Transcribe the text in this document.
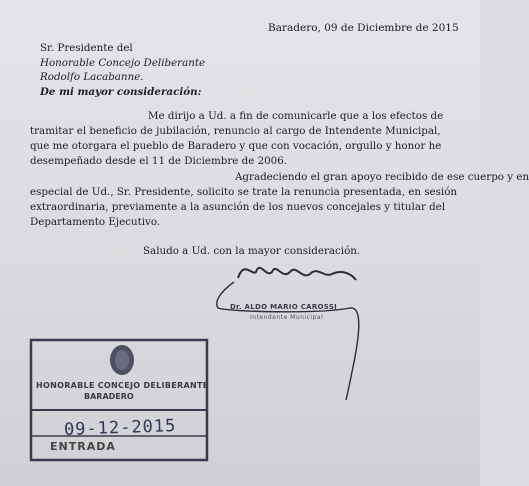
Baradero, 09 de Diciembre de 2015
Sr. Presidente del
Honorable Concejo Deliberante
Rodolfo Lacabanne.
De mi mayor consideración:
Me dirijo a Ud. a fin de comunicarle que a los efectos de
tramitar el beneficio de jubilación, renuncio al cargo de Intendente Municipal,
que me otorgara el pueblo de Baradero y que con vocación, orgullo y honor he
desempeñado desde el 11 de Diciembre de 2006.
Agradeciendo el gran apoyo recibido de ese cuerpo y en
especial de Ud., Sr. Presidente, solicito se trate la renuncia presentada, en sesión
extraordinaria, previamente a la asunción de los nuevos concejales y titular del
Departamento Ejecutivo.
Saludo a Ud. con la mayor consideración.
Dr. ALDO MARIO CAROSSI
Intendente Municipal
HONORABLE CONCEJO DELIBERANTE
BARADERO
09-12-2015
ENTRADA
